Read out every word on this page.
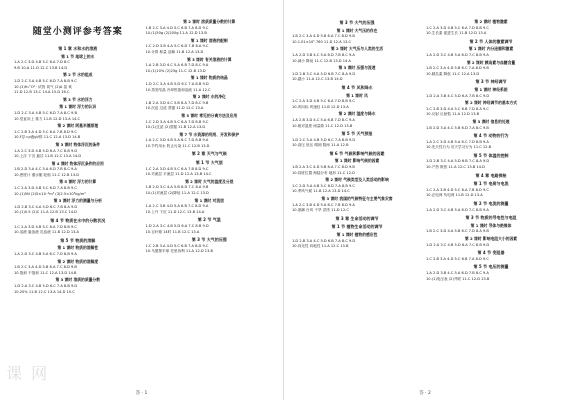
随堂小测评参考答案
第 1 章 水和水的溶液
第 1 节 地球上的水
1.A 2.C 3.D 4.B 5.C 6.A 7.D 8.C
9.B 10.A 11.D 12.C 13.B 14.D
第 2 节 水的组成
1.D 2.C 3.A 4.B 5.C 6.D 7.A 8.B 9.C
10.(1)H₂⁺O²⁻ 试管 氧气 (2)A 氢 氧
11.D 12.B 13.C 14.A 15.D 16.C
第 3 节 水的浮力
第 1 课时 浮力的认识
1.D 2.C 3.A 4.B 5.C 6.D 7.A 8.C 9.B
10.竖直向上 重力 11.B 12.D 13.A 14.C
第 2 课时 阿基米德原理
1.C 2.B 3.A 4.D 5.C 6.A 7.B 8.D 9.C
10.F浮=ρ液gV排 11.C 12.A 13.D 14.B
第 3 课时 物体浮沉的条件
1.A 2.C 3.D 4.B 5.D 6.A 7.C 8.B 9.D
10.上浮 下沉 悬浮 11.B 12.C 13.A 14.D
第 4 课时 物体浮沉条件的应用
1.B 2.D 3.A 4.C 5.A 6.D 7.B 8.C 9.A
10.密度计 潜水艇 轮船 11.C 12.B 13.D
第 5 课时 浮力的计算
1.C 2.A 3.D 4.B 5.C 6.D 7.A 8.B 9.C
10.(1)5N (2)5×10⁻⁴m³ (3)2.5×10³kg/m³
第 3 课时 浮力的测量与分析
1.D 2.B 3.C 4.A 5.D 6.C 7.B 8.A 9.D
10.(1)0.5 (2)C 11.A 12.B 13.C 14.D
第 4 节 物质在水中的分散状况
1.C 2.A 3.D 4.B 5.C 6.A 7.D 8.B 9.C
10.溶液 悬浊液 乳浊液 11.B 12.D 13.A
第 5 节 物质的溶解
第 1 课时 物质的溶解性
1.A 2.D 3.C 4.B 5.A 6.C 7.D 8.B 9.A
第 2 课时 物质的溶解度
1.B 2.C 3.A 4.D 5.B 6.A 7.C 8.D 9.B
10.饱和 不饱和 11.C 12.A 13.D 14.B
第 3 课时 溶质的质量分数
1.D 2.A 3.C 4.B 5.D 6.C 7.A 8.B 9.D
10.20% 11.B 12.C 13.A 14.D 15.C
第 2 课时 溶质质量分数的计算
1.B 2.C 3.A 4.D 5.C 6.B 7.A 8.D 9.C
10.(1)50g (2)200g 11.A 12.D 13.B
第 1 课时 溶液的配制
1.C 2.D 3.B 4.A 5.C 6.D 7.B 8.A 9.C
10.计算 称量 溶解 11.B 12.A 13.D
第 3 课时 有关溶液的计算
1.A 2.B 3.D 4.C 5.A 6.B 7.D 8.C 9.A
10.(1)10% (2)25g 11.C 12.B 13.D
第 1 课时 物质的结晶
1.D 2.C 3.A 4.B 5.D 6.C 7.A 8.B 9.D
10.蒸发结晶 冷却热饱和溶液 11.A 12.C
第 2 课时 水的净化
1.B 2.A 3.D 4.C 5.B 6.A 7.D 8.C 9.B
10.沉淀 过滤 蒸馏 11.D 12.C 13.A
第 3 课时 常见的分离方法及应用
1.C 2.D 3.A 4.B 5.C 6.A 7.D 8.B 9.C
10.(1)过滤 (2)蒸馏 11.B 12.A 13.D
第 7 节 水资源的利用、开发和保护
1.A 2.C 3.D 4.B 5.A 6.C 7.D 8.B 9.A
10.节约用水 防止污染 11.C 12.B 13.D
第 2 章 天气与气候
第 1 节 大气层
1.C 2.A 3.D 4.B 5.C 6.A 7.B 8.D 9.C
10.对流层 平流层 11.D 12.A 13.B 14.C
第 2 课时 大气的温度及分层
1.B 2.D 3.C 4.A 5.B 6.D 7.C 8.A 9.B
10.(1)对流层 (2)降低 11.A 12.C 13.D
第 1 课时 对流层
1.A 2.C 3.B 4.D 5.A 6.B 7.C 8.D 9.A
10.上升 下沉 11.D 12.C 13.B 14.A
第 2 节 气温
1.D 2.A 3.C 4.B 5.D 6.A 7.C 8.B 9.D
10.百叶箱 14时 11.B 12.C 13.A
第 3 节 大气的压强
1.C 2.B 3.A 4.D 5.C 6.B 7.A 8.D 9.C
10.马德堡半球 托里拆利 11.A 12.D 13.B
课 网
答 · 1
第 3 节 大气的压强
第 1 课时 大气压的存在
1.B 2.C 3.A 4.D 5.B 6.A 7.C 8.D 9.B
10.1.01×10⁵ 760 11.D 12.A 13.C
第 2 课时 大气压与人类的生活
1.A 2.D 3.B 4.C 5.A 6.D 7.B 8.C 9.A
10.减小 降低 11.C 12.B 13.D 14.A
第 3 课时 压强与流速
1.D 2.B 3.C 4.A 5.D 6.B 7.C 8.A 9.D
10.越小 11.A 12.C 13.B 14.D
第 4 节 风和降水
第 1 课时 风
1.C 2.A 3.D 4.B 5.C 6.A 7.D 8.B 9.C
10.风向标 风速仪 11.B 12.D 13.A
第 2 课时 湿度与降水
1.A 2.B 3.D 4.C 5.A 6.B 7.D 8.C 9.A
10.相对湿度 雨量筒 11.C 12.D 13.B
第 5 节 天气预报
1.D 2.C 3.A 4.B 5.D 6.C 7.A 8.B 9.D
10.高压 低压 晴朗 阴雨 11.A 12.B
第 6 节 气候和影响气候的因素
第 1 课时 影响气候的因素
1.B 2.A 3.C 4.D 5.B 6.A 7.C 8.D 9.B
10.纬度位置 海陆分布 地形 11.C 12.D
第 2 课时 气候类型及人类活动的影响
1.C 2.D 3.A 4.B 5.C 6.D 7.A 8.B 9.C
10.季风气候 11.B 12.A 13.D 14.C
第 3 课时 我国的气候特征与主要气象灾害
1.A 2.C 3.B 4.D 5.A 6.C 7.B 8.D 9.A
10.寒潮 台风 干旱 洪涝 11.D 12.C
第 3 章 生命活动的调节
第 1 节 植物生命活动的调节
第 1 课时 植物的感应性
1.D 2.B 3.A 4.C 5.D 6.B 7.A 8.C 9.D
10.向光性 向地性 11.A 12.C 13.B
第 2 课时 植物激素
1.C 2.A 3.D 4.B 5.C 6.A 7.D 8.B 9.C
10.生长素 促进生长 11.B 12.D 13.A
第 2 节 人体的激素调节
第 1 课时 内分泌腺和激素
1.A 2.D 3.C 4.B 5.A 6.D 7.C 8.B 9.A
第 2 课时 胰岛素与血糖含量
1.B 2.C 3.A 4.D 5.B 6.C 7.A 8.D 9.B
10.胰岛素 降低 11.C 12.A 13.D
第 3 节 神经调节
第 1 课时 神经系统
1.D 2.A 3.B 4.C 5.D 6.A 7.B 8.C 9.D
第 2 课时 神经调节的基本方式
1.C 2.B 3.D 4.A 5.C 6.B 7.D 8.A 9.C
10.反射 反射弧 11.A 12.D 13.B
第 3 课时 信息的处理
1.B 2.D 3.A 4.C 5.B 6.D 7.A 8.C 9.B
第 4 节 动物的行为
1.A 2.C 3.D 4.B 5.A 6.C 7.D 8.B 9.A
10.先天性行为 后天学习行为 11.C 12.B
第 5 节 体温的控制
1.D 2.B 3.C 4.A 5.D 6.B 7.C 8.A 9.D
10.产热 散热 11.A 12.C 13.B 14.D
第 4 章 电路探秘
第 1 节 电荷与电流
1.C 2.A 3.B 4.D 5.C 6.A 7.B 8.D 9.C
10.正电荷 负电荷 11.B 12.D 13.A
第 2 节 电流的测量
1.A 2.D 3.C 4.B 5.A 6.D 7.C 8.B 9.A
第 3 节 物质的导电性与电阻
第 1 课时 导体与绝缘体
1.B 2.C 3.D 4.A 5.B 6.C 7.D 8.A 9.B
第 2 课时 影响电阻大小的因素
1.D 2.A 3.C 4.B 5.D 6.A 7.C 8.B 9.D
第 4 节 变阻器
1.C 2.B 3.A 4.D 5.C 6.B 7.A 8.D 9.C
第 5 节 电压的测量
1.A 2.D 3.B 4.C 5.A 6.D 7.B 8.C 9.A
10.(1)电压表 (2)并联 11.C 12.D 13.B
答 · 2
